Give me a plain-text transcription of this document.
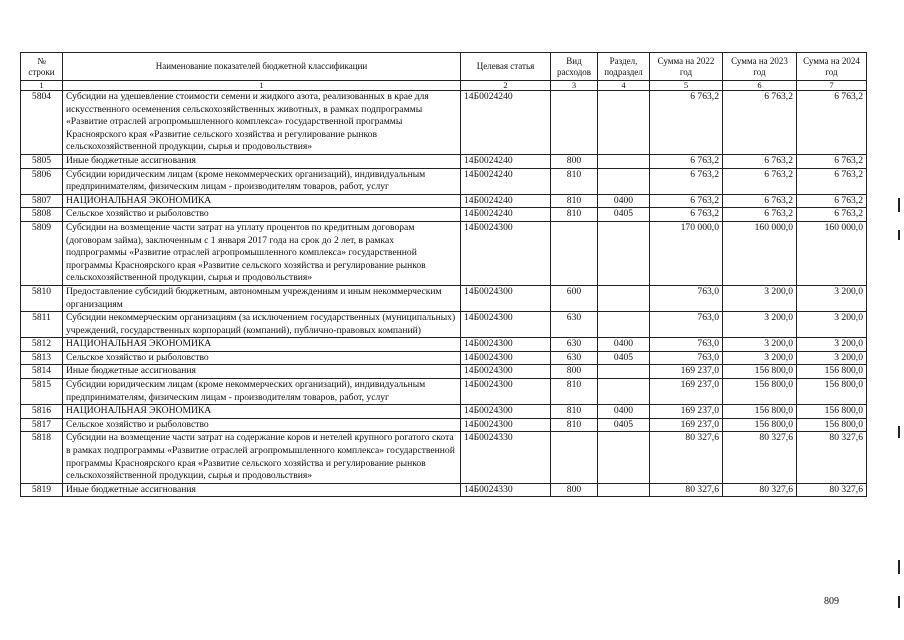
№ строки	Наименование показателей бюджетной классификации	Целевая статья	Вид расходов	Раздел, подраздел	Сумма на 2022 год	Сумма на 2023 год	Сумма на 2024 год
1	1	2	3	4	5	6	7
5804	Субсидии на удешевление стоимости семени и жидкого азота, реализованных в крае для искусственного осеменения сельскохозяйственных животных, в рамках подпрограммы «Развитие отраслей агропромышленного комплекса» государственной программы Красноярского края «Развитие сельского хозяйства и регулирование рынков сельскохозяйственной продукции, сырья и продовольствия»	14Б0024240			6 763,2	6 763,2	6 763,2
5805	Иные бюджетные ассигнования	14Б0024240	800		6 763,2	6 763,2	6 763,2
5806	Субсидии юридическим лицам (кроме некоммерческих организаций), индивидуальным предпринимателям, физическим лицам - производителям товаров, работ, услуг	14Б0024240	810		6 763,2	6 763,2	6 763,2
5807	НАЦИОНАЛЬНАЯ ЭКОНОМИКА	14Б0024240	810	0400	6 763,2	6 763,2	6 763,2
5808	Сельское хозяйство и рыболовство	14Б0024240	810	0405	6 763,2	6 763,2	6 763,2
5809	Субсидии на возмещение части затрат на уплату процентов по кредитным договорам (договорам займа), заключенным с 1 января 2017 года на срок до 2 лет, в рамках подпрограммы «Развитие отраслей агропромышленного комплекса» государственной программы Красноярского края «Развитие сельского хозяйства и регулирование рынков сельскохозяйственной продукции, сырья и продовольствия»	14Б0024300			170 000,0	160 000,0	160 000,0
5810	Предоставление субсидий бюджетным, автономным учреждениям и иным некоммерческим организациям	14Б0024300	600		763,0	3 200,0	3 200,0
5811	Субсидии некоммерческим организациям (за исключением государственных (муниципальных) учреждений, государственных корпораций (компаний), публично-правовых компаний)	14Б0024300	630		763,0	3 200,0	3 200,0
5812	НАЦИОНАЛЬНАЯ ЭКОНОМИКА	14Б0024300	630	0400	763,0	3 200,0	3 200,0
5813	Сельское хозяйство и рыболовство	14Б0024300	630	0405	763,0	3 200,0	3 200,0
5814	Иные бюджетные ассигнования	14Б0024300	800		169 237,0	156 800,0	156 800,0
5815	Субсидии юридическим лицам (кроме некоммерческих организаций), индивидуальным предпринимателям, физическим лицам - производителям товаров, работ, услуг	14Б0024300	810		169 237,0	156 800,0	156 800,0
5816	НАЦИОНАЛЬНАЯ ЭКОНОМИКА	14Б0024300	810	0400	169 237,0	156 800,0	156 800,0
5817	Сельское хозяйство и рыболовство	14Б0024300	810	0405	169 237,0	156 800,0	156 800,0
5818	Субсидии на возмещение части затрат на содержание коров и нетелей крупного рогатого скота в рамках подпрограммы «Развитие отраслей агропромышленного комплекса» государственной программы Красноярского края «Развитие сельского хозяйства и регулирование рынков сельскохозяйственной продукции, сырья и продовольствия»	14Б0024330			80 327,6	80 327,6	80 327,6
5819	Иные бюджетные ассигнования	14Б0024330	800		80 327,6	80 327,6	80 327,6
809
